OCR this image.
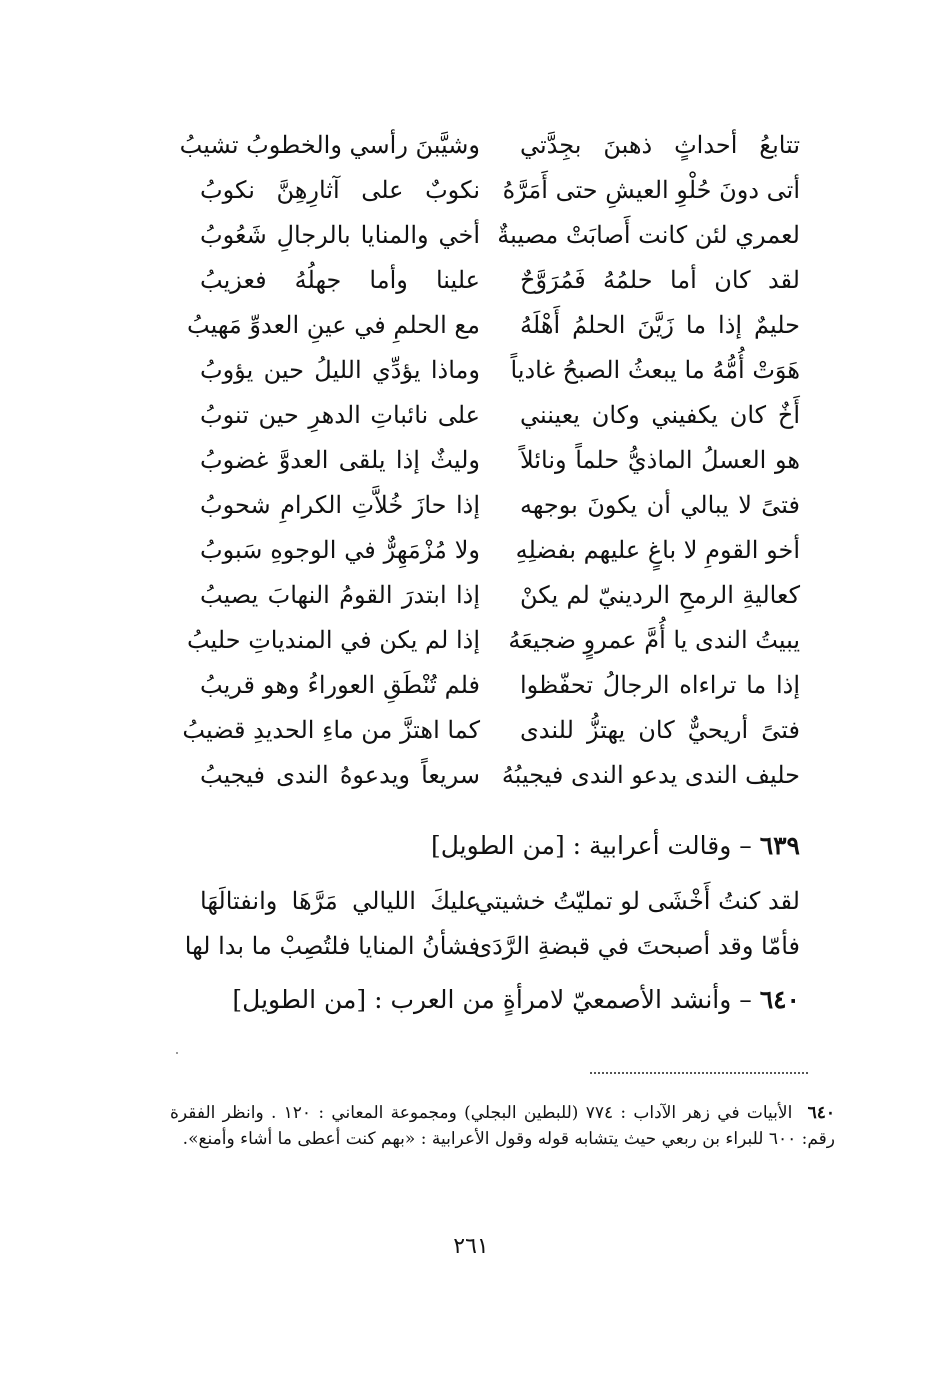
تتابعُ أحداثٍ ذهبنَ بجِدَّتي
وشيَّبنَ رأسي والخطوبُ تشيبُ
أتى دونَ حُلْوِ العيشِ حتى أَمَرَّهُ
نكوبٌ على آثارِهِنَّ نكوبُ
لعمري لئن كانت أَصابَتْ مصيبةٌ
أخي والمنايا بالرجالِ شَعُوبُ
لقد كان أما حلمُهُ فَمُرَوَّحٌ
علينا وأما جهلُهُ فعزيبُ
حليمٌ إذا ما زَيَّنَ الحلمُ أَهْلَهُ
مع الحلمِ في عينِ العدوِّ مَهيبُ
هَوَتْ أُمُّهُ ما يبعثُ الصبحُ غادياً
وماذا يؤدِّي الليلُ حين يؤوبُ
أَخٌ كان يكفيني وكان يعينني
على نائباتِ الدهرِ حين تنوبُ
هو العسلُ الماذيُّ حلماً ونائلاً
وليثٌ إذا يلقى العدوَّ غضوبُ
فتىً لا يبالي أن يكونَ بوجهه
إذا حازَ خُلاَّتِ الكرامِ شحوبُ
أخو القومِ لا باغٍ عليهم بفضلِهِ
ولا مُزْمَهِرٌّ في الوجوهِ سَبوبُ
كعاليةِ الرمحِ الردينيّ لم يكنْ
إذا ابتدرَ القومُ النهابَ يصيبُ
يبيتُ الندى يا أُمَّ عمروٍ ضجيعَهُ
إذا لم يكن في المندياتِ حليبُ
إذا ما تراءاه الرجالُ تحفّظوا
فلم تُنْطَقِ العوراءُ وهو قريبُ
فتىً أريحيٌّ كان يهتزُّ للندى
كما اهتزَّ من ماءِ الحديدِ قضيبُ
حليف الندى يدعو الندى فيجيبُهُ
سريعاً ويدعوهُ الندى فيجيبُ
٦٣٩ – وقالت أعرابية : [من الطويل]
لقد كنتُ أَخْشَى لو تمليّتُ خشيتي
عليكَ الليالي مَرَّهَا وانفتالَهَا
فأمّا وقد أصبحتَ في قبضةِ الرَّدَى
فشأنُ المنايا فلتُصِبْ ما بدا لها
٦٤٠ – وأنشد الأصمعيّ لامرأةٍ من العرب : [من الطويل]
٦٤٠ الأبيات في زهر الآداب : ٧٧٤ (للبطين البجلي) ومجموعة المعاني : ١٢٠ . وانظر الفقرة رقم: ٦٠٠ للبراء بن ربعي حيث يتشابه قوله وقول الأعرابية : «بهم كنت أعطى ما أشاء وأمنع».
٢٦١
